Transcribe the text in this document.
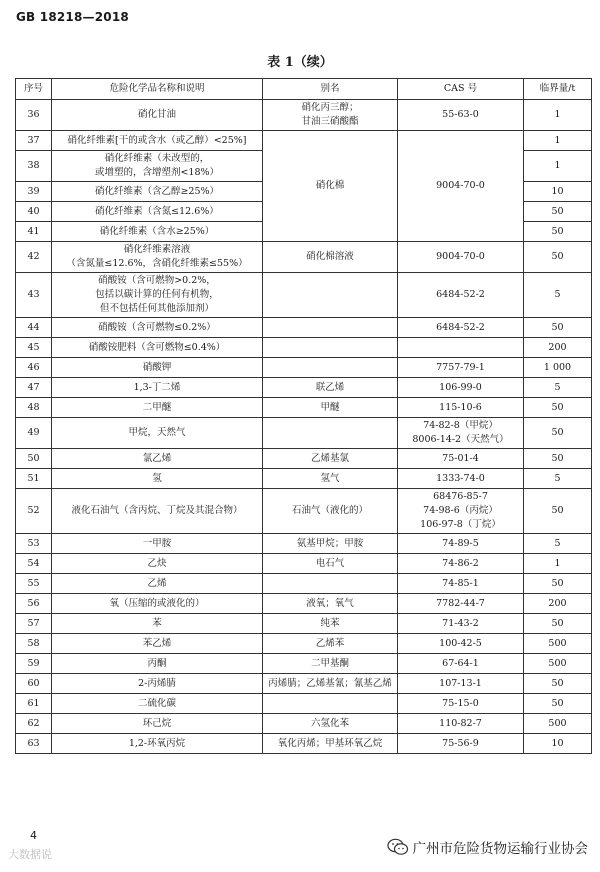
GB 18218—2018
表 1（续）
序号	危险化学品名称和说明	别名	CAS 号	临界量/t
36	硝化甘油	硝化丙三醇；
甘油三硝酸酯	55-63-0	1
37	硝化纤维素[干的或含水（或乙醇）<25%]	硝化棉	9004-70-0	1
38	硝化纤维素（未改型的，
或增塑的，含增塑剂<18%）			1
39	硝化纤维素（含乙醇≥25%）			10
40	硝化纤维素（含氮≤12.6%）			50
41	硝化纤维素（含水≥25%）			50
42	硝化纤维素溶液
（含氮量≤12.6%，含硝化纤维素≤55%）	硝化棉溶液	9004-70-0	50
43	硝酸铵（含可燃物>0.2%，
包括以碳计算的任何有机物，
但不包括任何其他添加剂）		6484-52-2	5
44	硝酸铵（含可燃物≤0.2%）		6484-52-2	50
45	硝酸铵肥料（含可燃物≤0.4%）			200
46	硝酸钾		7757-79-1	1 000
47	1,3-丁二烯	联乙烯	106-99-0	5
48	二甲醚	甲醚	115-10-6	50
49	甲烷，天然气		74-82-8（甲烷）
8006-14-2（天然气）	50
50	氯乙烯	乙烯基氯	75-01-4	50
51	氢	氢气	1333-74-0	5
52	液化石油气（含丙烷、丁烷及其混合物）	石油气（液化的）	68476-85-7
74-98-6（丙烷）
106-97-8（丁烷）	50
53	一甲胺	氨基甲烷；甲胺	74-89-5	5
54	乙炔	电石气	74-86-2	1
55	乙烯		74-85-1	50
56	氧（压缩的或液化的）	液氧；氧气	7782-44-7	200
57	苯	纯苯	71-43-2	50
58	苯乙烯	乙烯苯	100-42-5	500
59	丙酮	二甲基酮	67-64-1	500
60	2-丙烯腈	丙烯腈；乙烯基氰；氰基乙烯	107-13-1	50
61	二硫化碳		75-15-0	50
62	环己烷	六氢化苯	110-82-7	500
63	1,2-环氧丙烷	氧化丙烯；甲基环氧乙烷	75-56-9	10
4
大数据说	广州市危险货物运输行业协会
